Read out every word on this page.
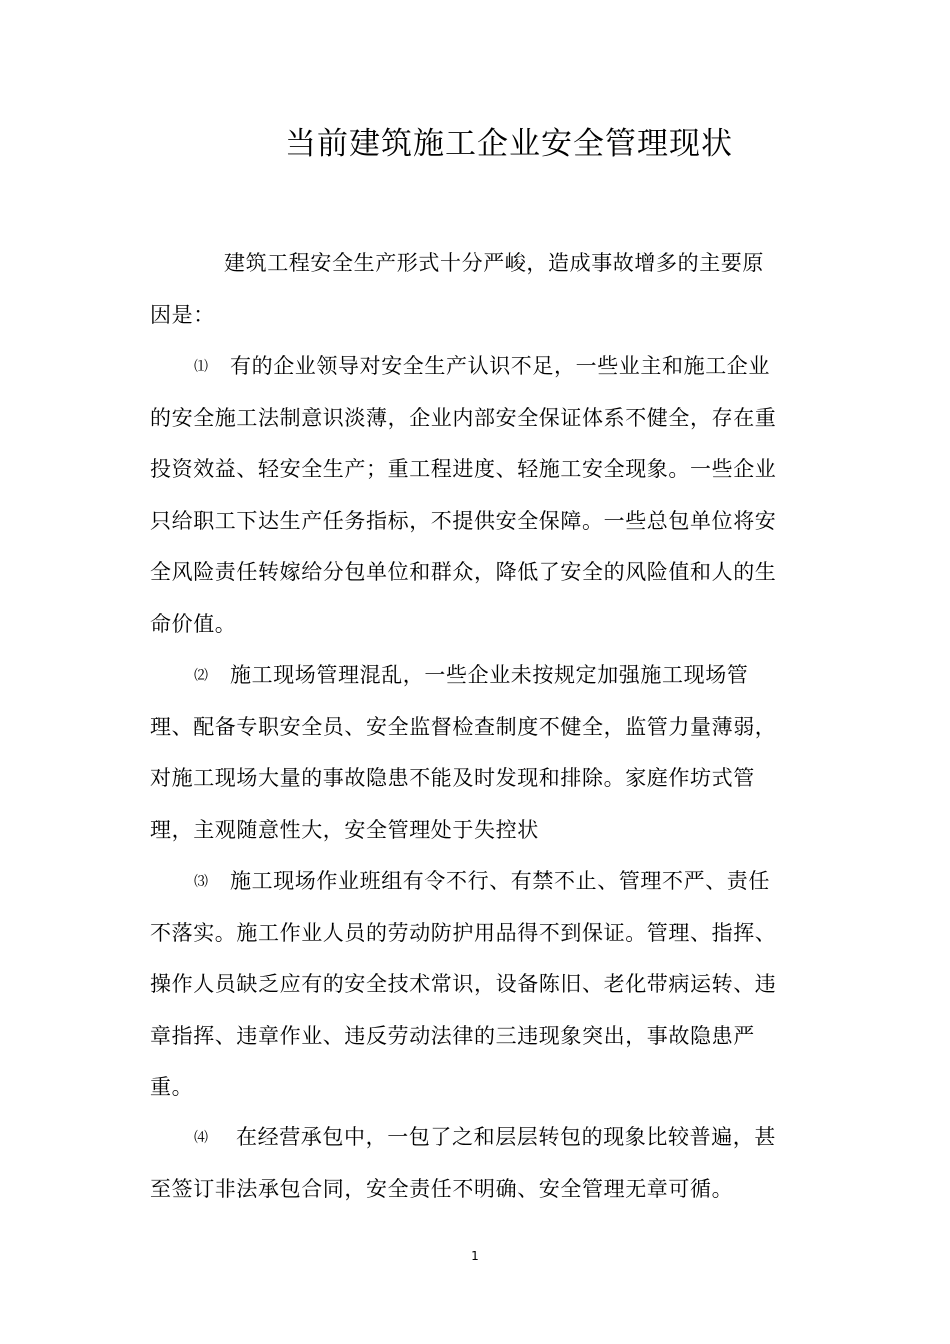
当前建筑施工企业安全管理现状
建筑工程安全生产形式十分严峻，造成事故增多的主要原
因是：
⑴ 有的企业领导对安全生产认识不足，一些业主和施工企业
的安全施工法制意识淡薄，企业内部安全保证体系不健全，存在重
投资效益、轻安全生产；重工程进度、轻施工安全现象。一些企业
只给职工下达生产任务指标，不提供安全保障。一些总包单位将安
全风险责任转嫁给分包单位和群众，降低了安全的风险值和人的生
命价值。
⑵ 施工现场管理混乱，一些企业未按规定加强施工现场管
理、配备专职安全员、安全监督检查制度不健全，监管力量薄弱，
对施工现场大量的事故隐患不能及时发现和排除。家庭作坊式管
理，主观随意性大，安全管理处于失控状
⑶ 施工现场作业班组有令不行、有禁不止、管理不严、责任
不落实。施工作业人员的劳动防护用品得不到保证。管理、指挥、
操作人员缺乏应有的安全技术常识，设备陈旧、老化带病运转、违
章指挥、违章作业、违反劳动法律的三违现象突出，事故隐患严
重。
⑷ 在经营承包中，一包了之和层层转包的现象比较普遍，甚
至签订非法承包合同，安全责任不明确、安全管理无章可循。
1
